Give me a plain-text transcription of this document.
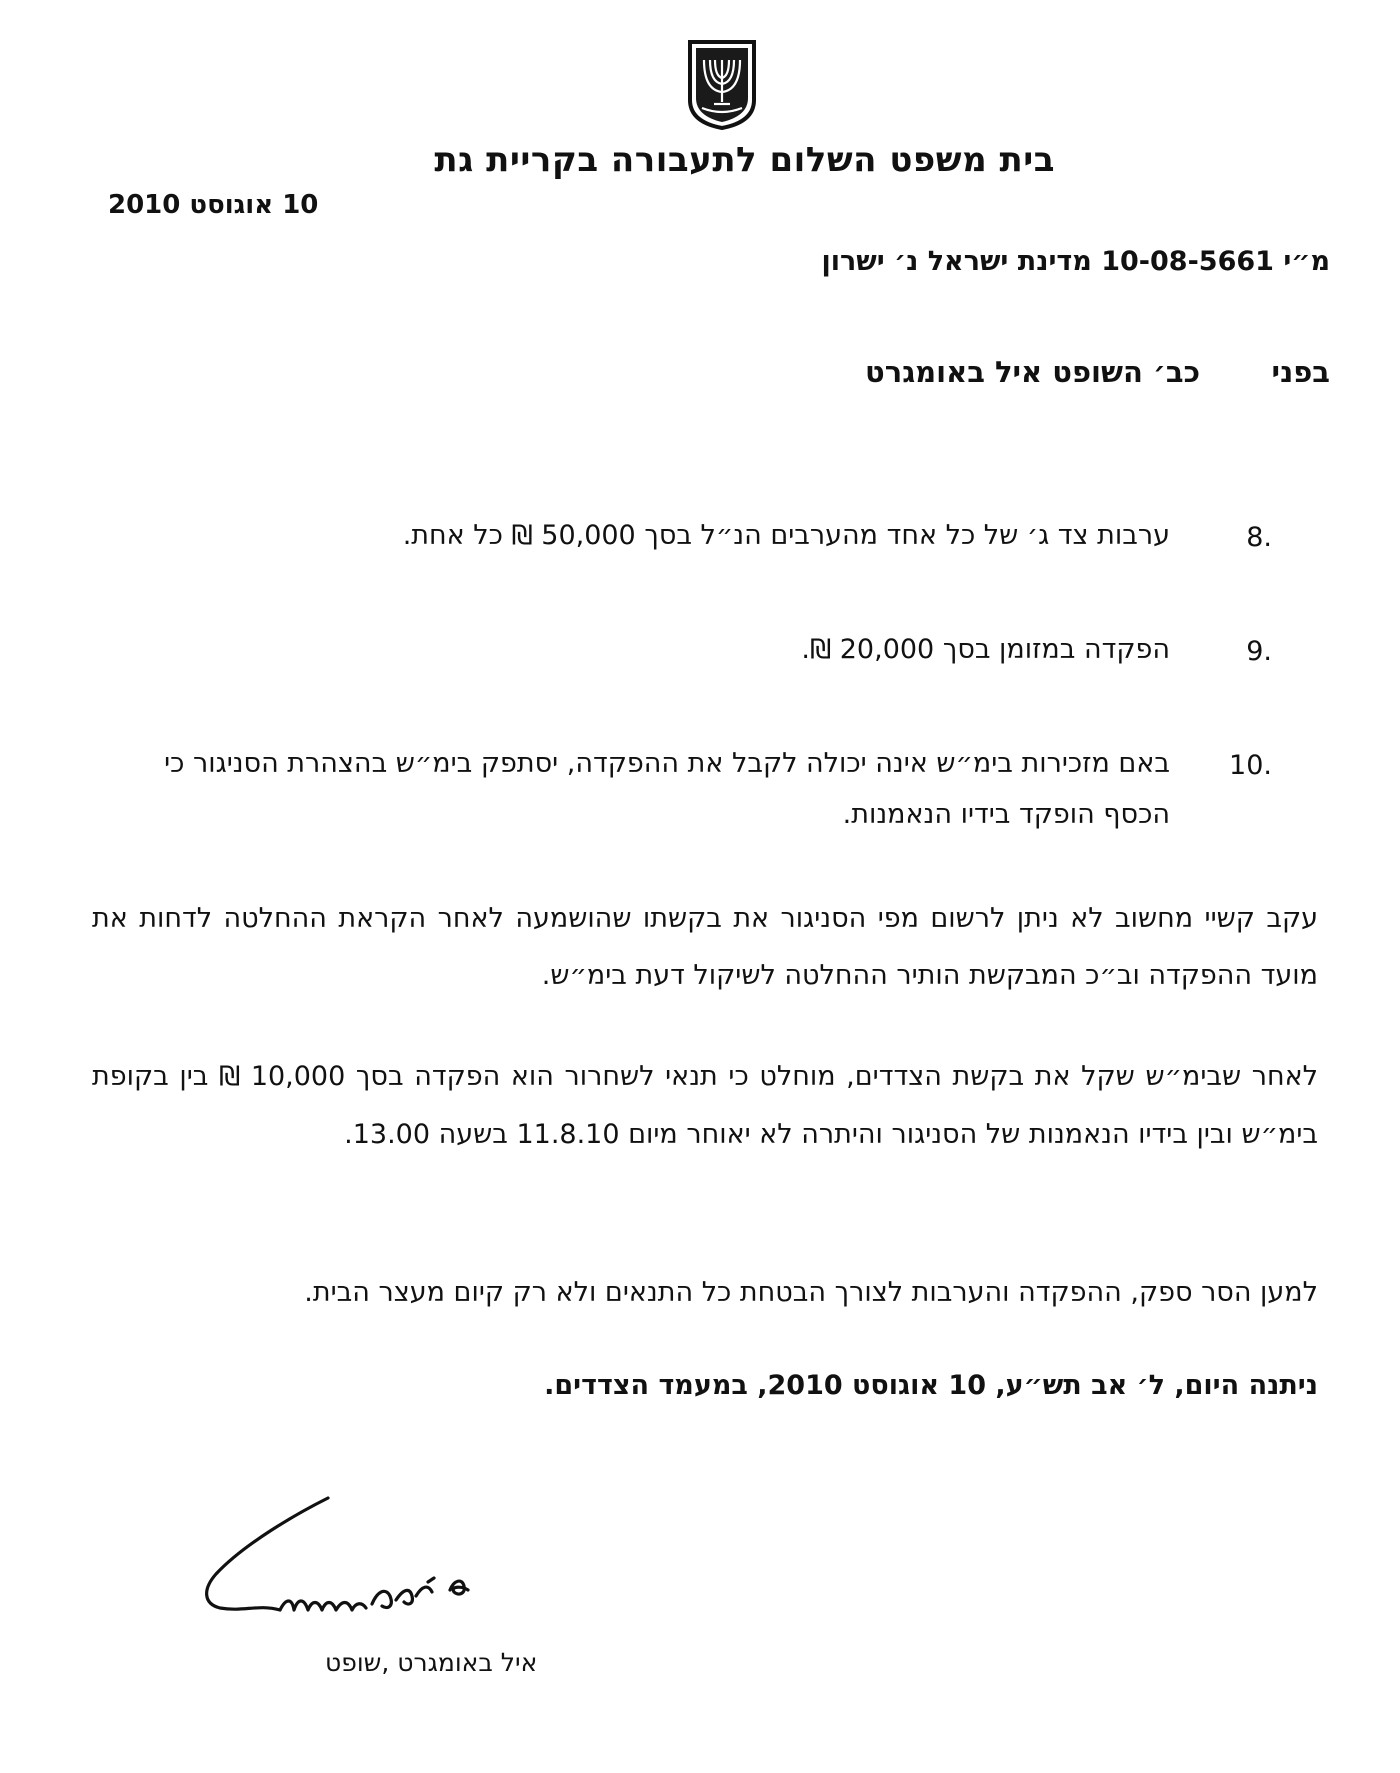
בית משפט השלום לתעבורה בקריית גת
10 אוגוסט 2010
מ״י 10-08-5661 מדינת ישראל נ׳ ישרון
בפני
כב׳ השופט איל באומגרט
8.
ערבות צד ג׳ של כל אחד מהערבים הנ״ל בסך 50,000 ₪ כל אחת.
9.
הפקדה במזומן בסך 20,000 ₪.
10.
באם מזכירות בימ״ש אינה יכולה לקבל את ההפקדה, יסתפק בימ״ש בהצהרת הסניגור כי הכסף הופקד בידיו הנאמנות.
עקב קשיי מחשוב לא ניתן לרשום מפי הסניגור את בקשתו שהושמעה לאחר הקראת ההחלטה לדחות את מועד ההפקדה וב״כ המבקשת הותיר ההחלטה לשיקול דעת בימ״ש.
לאחר שבימ״ש שקל את בקשת הצדדים, מוחלט כי תנאי לשחרור הוא הפקדה בסך 10,000 ₪ בין בקופת בימ״ש ובין בידיו הנאמנות של הסניגור והיתרה לא יאוחר מיום 11.8.10 בשעה 13.00.
למען הסר ספק, ההפקדה והערבות לצורך הבטחת כל התנאים ולא רק קיום מעצר הבית.
ניתנה היום, ל׳ אב תש״ע, 10 אוגוסט 2010, במעמד הצדדים.
איל באומגרט ,שופט
